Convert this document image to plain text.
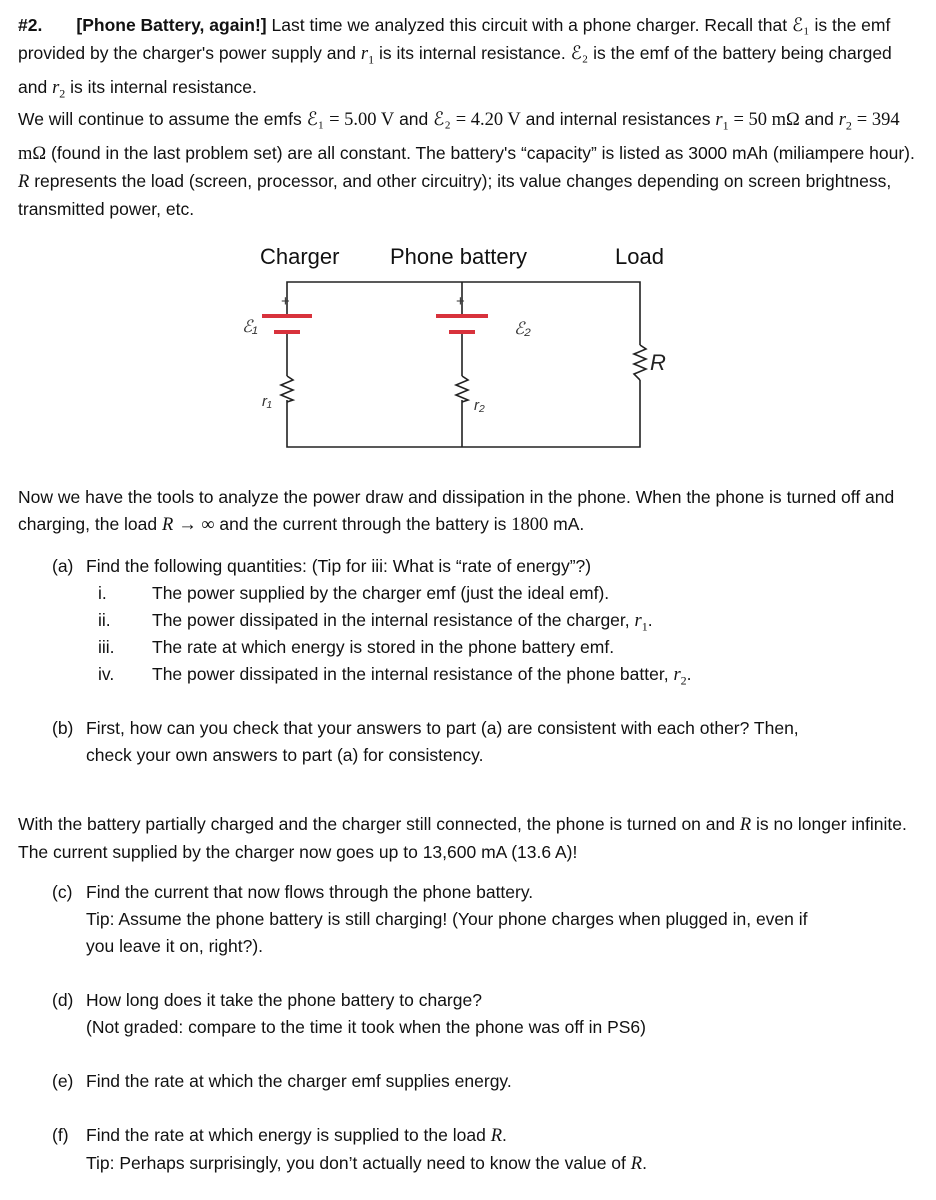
#2. [Phone Battery, again!] Last time we analyzed this circuit with a phone charger. Recall that ℰ₁ is the emf provided by the charger's power supply and $r_1$ is its internal resistance. ℰ₂ is the emf of the battery being charged and $r_2$ is its internal resistance.

We will continue to assume the emfs ℰ₁ = 5.00 V and ℰ₂ = 4.20 V and internal resistances $r_1 = 50$ mΩ and $r_2 = 394$ mΩ (found in the last problem set) are all constant. The battery's “capacity” is listed as 3000 mAh (miliampere hour). R represents the load (screen, processor, and other circuitry); its value changes depending on screen brightness, transmitted power, etc.

Charger Phone battery	Load
+
ℰ₁
+
ℰ₂
r₁	r₂
R

Now we have the tools to analyze the power draw and dissipation in the phone. When the phone is turned off and charging, the load R → ∞ and the current through the battery is 1800 mA.

(a) Find the following quantities: (Tip for iii: What is “rate of energy”?)
i.	The power supplied by the charger emf (just the ideal emf).
ii. The power dissipated in the internal resistance of the charger, $r_1$.
iii. The rate at which energy is stored in the phone battery emf.
iv. The power dissipated in the internal resistance of the phone batter, $r_2$.
(b) First, how can you check that your answers to part (a) are consistent with each other? Then,
check your own answers to part (a) for consistency.

With the battery partially charged and the charger still connected, the phone is turned on and R is no longer infinite. The current supplied by the charger now goes up to 13,600 mA (13.6 A)!

(c) Find the current that now flows through the phone battery.
Tip: Assume the phone battery is still charging! (Your phone charges when plugged in, even if
you leave it on, right?).
(d) How long does it take the phone battery to charge?
(Not graded: compare to the time it took when the phone was off in PS6)
(e) Find the rate at which the charger emf supplies energy.
(f) Find the rate at which energy is supplied to the load R.
Tip: Perhaps surprisingly, you don’t actually need to know the value of R.
